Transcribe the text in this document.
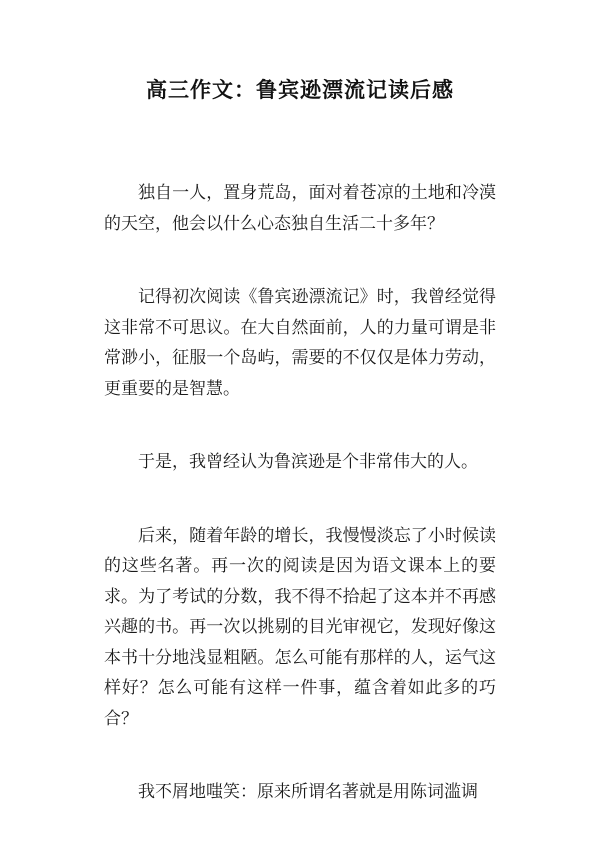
高三作文：鲁宾逊漂流记读后感

独自一人，置身荒岛，面对着苍凉的土地和冷漠的天空，他会以什么心态独自生活二十多年？

记得初次阅读《鲁宾逊漂流记》时，我曾经觉得这非常不可思议。在大自然面前，人的力量可谓是非常渺小，征服一个岛屿，需要的不仅仅是体力劳动，更重要的是智慧。

于是，我曾经认为鲁滨逊是个非常伟大的人。

后来，随着年龄的增长，我慢慢淡忘了小时候读的这些名著。再一次的阅读是因为语文课本上的要求。为了考试的分数，我不得不拾起了这本并不再感兴趣的书。再一次以挑剔的目光审视它，发现好像这本书十分地浅显粗陋。怎么可能有那样的人，运气这样好？怎么可能有这样一件事，蕴含着如此多的巧合？

我不屑地嗤笑：原来所谓名著就是用陈词滥调
